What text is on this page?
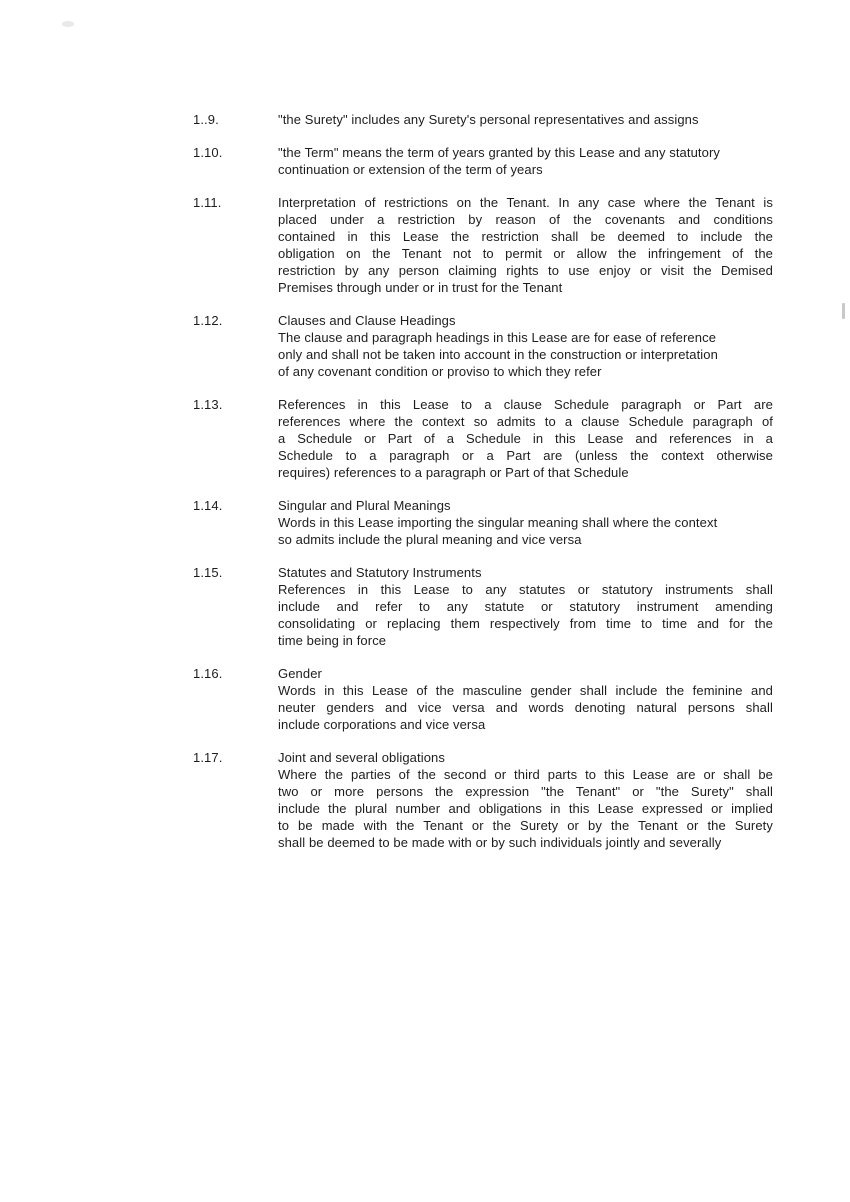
1..9.	"the Surety" includes any Surety's personal representatives and assigns
1.10.	"the Term" means the term of years granted by this Lease and any statutory
continuation or extension of the term of years
1.11.	Interpretation of restrictions on the Tenant. In any case where the Tenant is
placed under a restriction by reason of the covenants and conditions
contained in this Lease the restriction shall be deemed to include the
obligation on the Tenant not to permit or allow the infringement of the
restriction by any person claiming rights to use enjoy or visit the Demised
Premises through under or in trust for the Tenant
1.12.	Clauses and Clause Headings
The clause and paragraph headings in this Lease are for ease of reference
only and shall not be taken into account in the construction or interpretation
of any covenant condition or proviso to which they refer
1.13.	References in this Lease to a clause Schedule paragraph or Part are
references where the context so admits to a clause Schedule paragraph of
a Schedule or Part of a Schedule in this Lease and references in a
Schedule to a paragraph or a Part are (unless the context otherwise
requires) references to a paragraph or Part of that Schedule
1.14.	Singular and Plural Meanings
Words in this Lease importing the singular meaning shall where the context
so admits include the plural meaning and vice versa
1.15.	Statutes and Statutory Instruments
References in this Lease to any statutes or statutory instruments shall
include and refer to any statute or statutory instrument amending
consolidating or replacing them respectively from time to time and for the
time being in force
1.16.	Gender
Words in this Lease of the masculine gender shall include the feminine and
neuter genders and vice versa and words denoting natural persons shall
include corporations and vice versa
1.17.	Joint and several obligations
Where the parties of the second or third parts to this Lease are or shall be
two or more persons the expression "the Tenant" or "the Surety" shall
include the plural number and obligations in this Lease expressed or implied
to be made with the Tenant or the Surety or by the Tenant or the Surety
shall be deemed to be made with or by such individuals jointly and severally
